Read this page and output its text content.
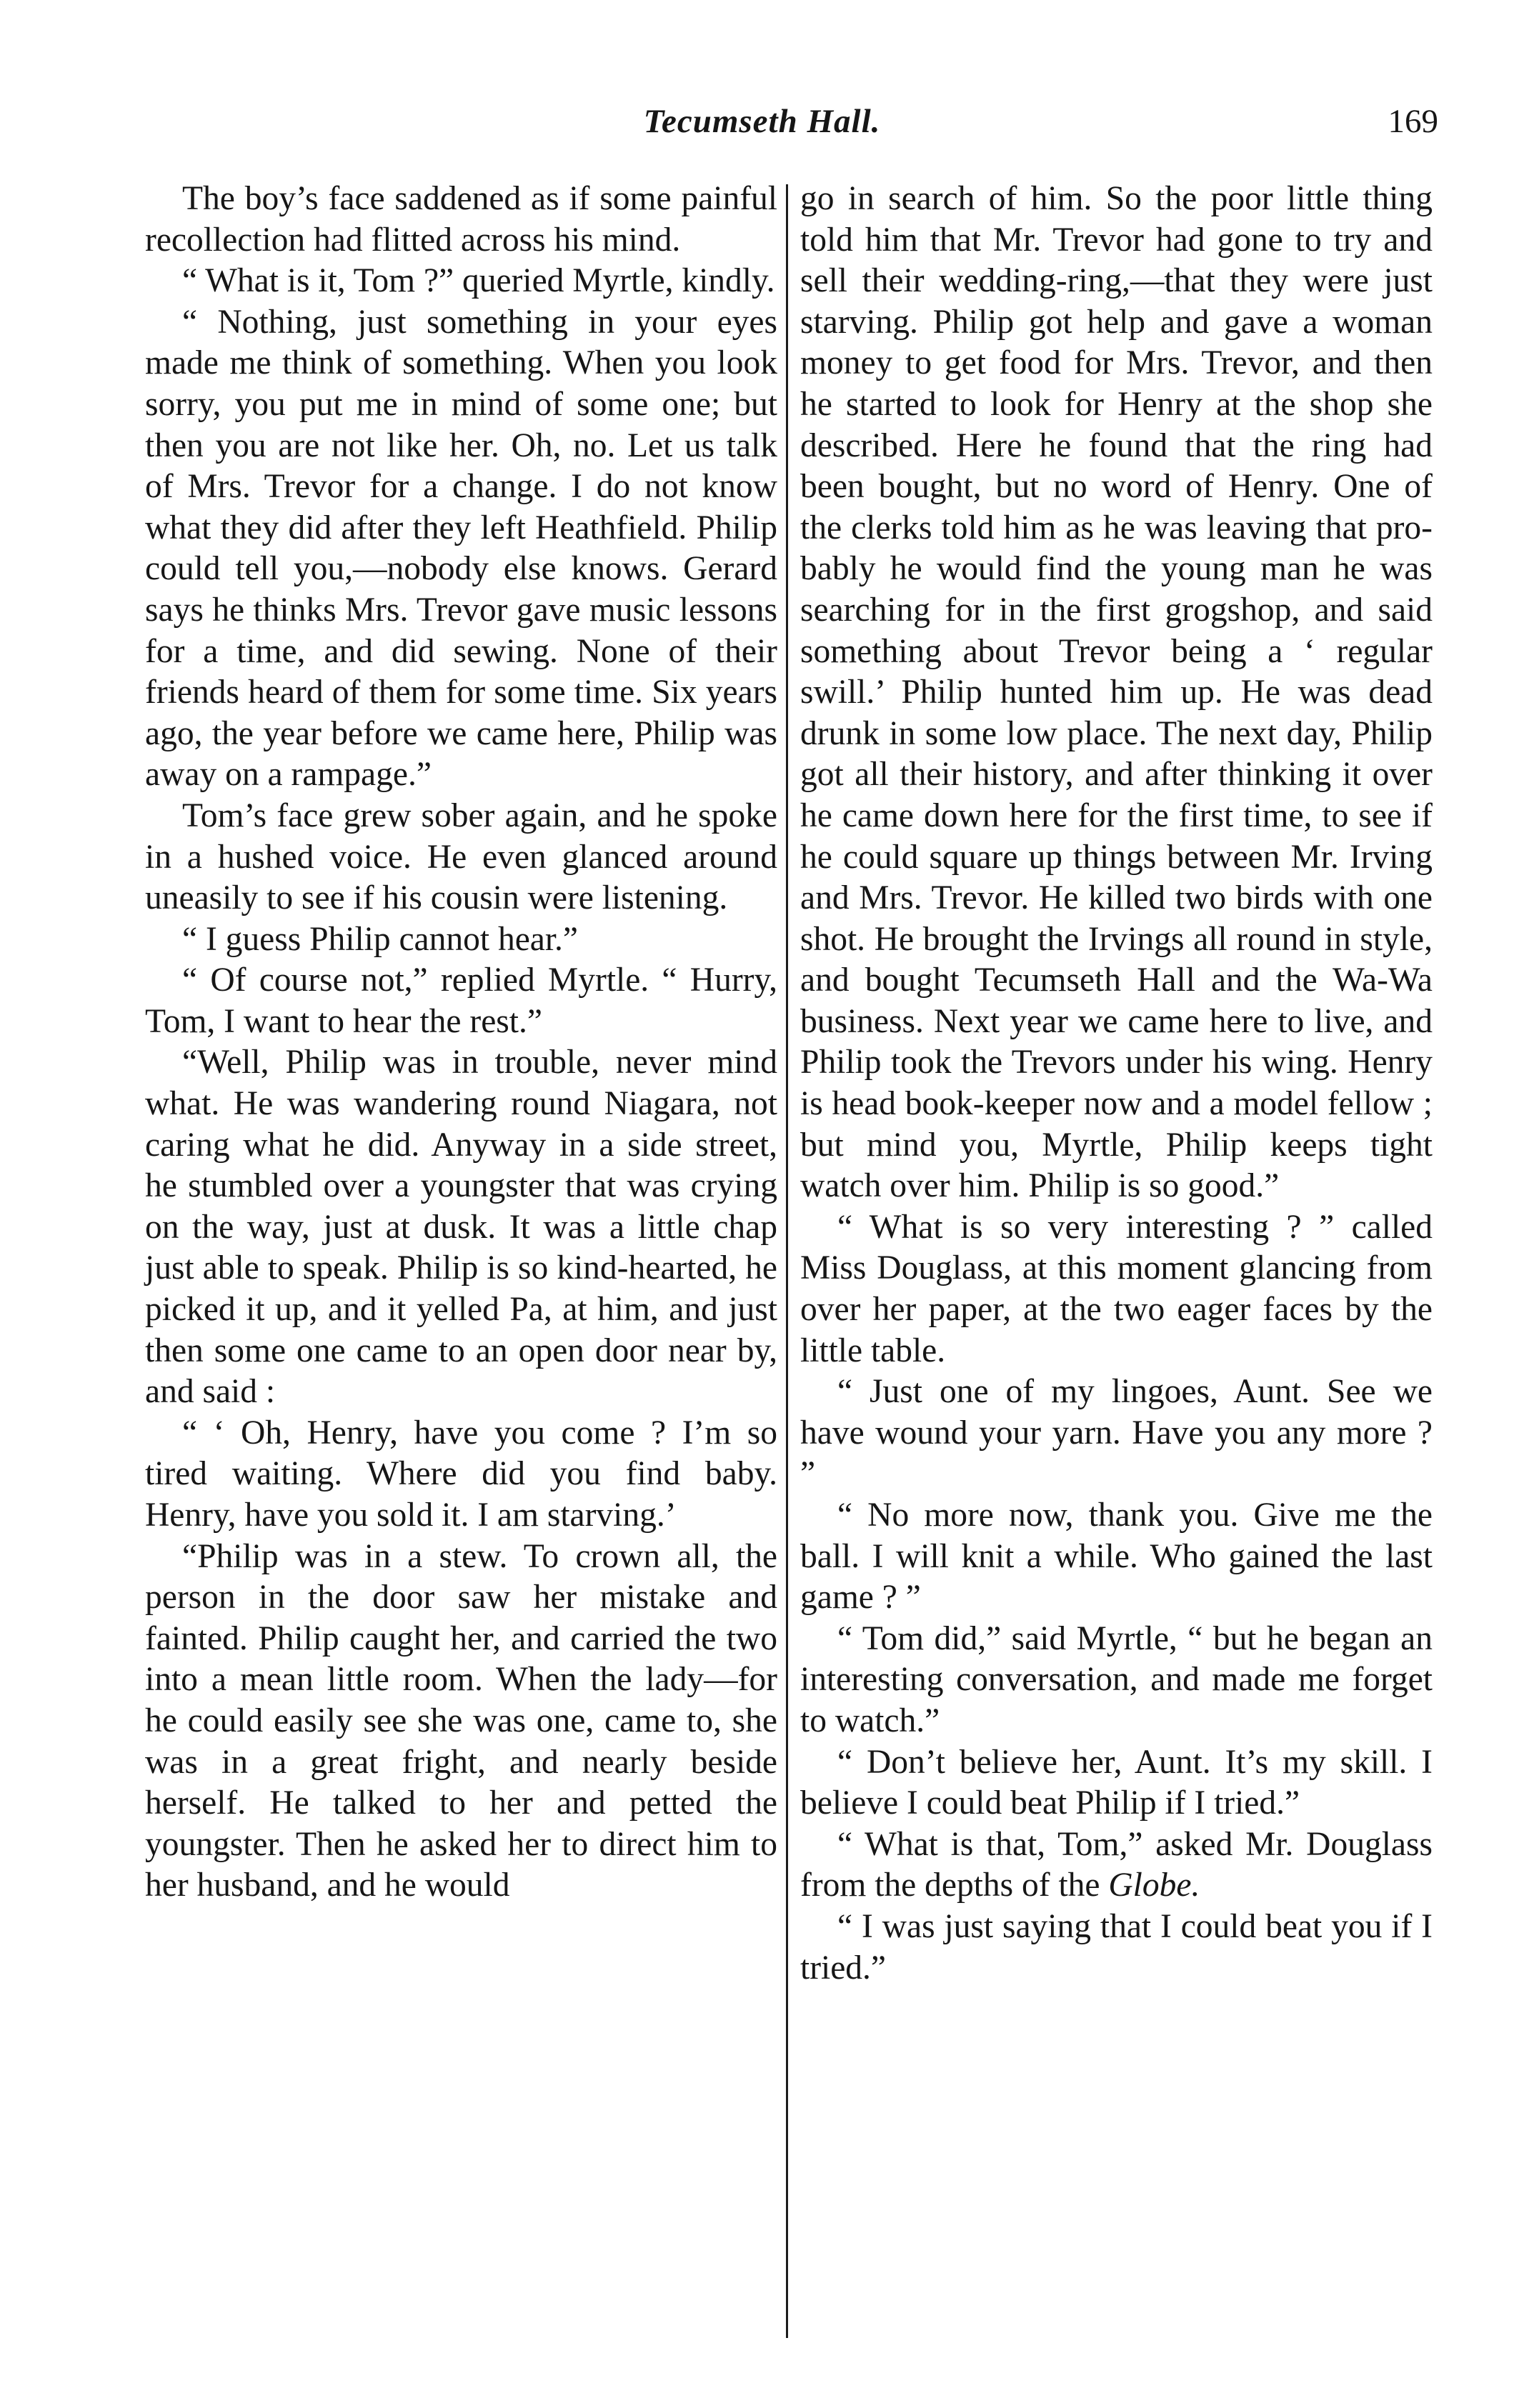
Tecumseth Hall.	169

The boy’s face saddened as if some painful recollection had flitted across his mind.

“ What is it, Tom ?” queried Myrtle, kindly.

“ Nothing, just something in your eyes made me think of something. When you look sorry, you put me in mind of some one; but then you are not like her. Oh, no. Let us talk of Mrs. Trevor for a change. I do not know what they did after they left Heathfield. Philip could tell you,—nobody else knows. Gerard says he thinks Mrs. Trevor gave music lessons for a time, and did sewing. None of their friends heard of them for some time. Six years ago, the year before we came here, Philip was away on a rampage.”

Tom’s face grew sober again, and he spoke in a hushed voice. He even glanced around uneasily to see if his cousin were listening.

“ I guess Philip cannot hear.”

“ Of course not,” replied Myrtle. “ Hurry, Tom, I want to hear the rest.”

“Well, Philip was in trouble, never mind what. He was wandering round Niagara, not caring what he did. Anyway in a side street, he stumbled over a youngster that was crying on the way, just at dusk. It was a little chap just able to speak. Philip is so kind-hearted, he picked it up, and it yelled Pa, at him, and just then some one came to an open door near by, and said :

“ ‘ Oh, Henry, have you come ? I’m so tired waiting. Where did you find baby. Henry, have you sold it. I am starving.’

“Philip was in a stew. To crown all, the person in the door saw her mistake and fainted. Philip caught her, and carried the two into a mean little room. When the lady—for he could easily see she was one, came to, she was in a great fright, and nearly beside herself. He talked to her and petted the youngster. Then he asked her to direct him to her husband, and he would

go in search of him. So the poor little thing told him that Mr. Trevor had gone to try and sell their wedding-ring,—that they were just starving. Philip got help and gave a woman money to get food for Mrs. Trevor, and then he started to look for Henry at the shop she described. Here he found that the ring had been bought, but no word of Henry. One of the clerks told him as he was leaving that probably he would find the young man he was searching for in the first grogshop, and said something about Trevor being a ‘ regular swill.’ Philip hunted him up. He was dead drunk in some low place. The next day, Philip got all their history, and after thinking it over he came down here for the first time, to see if he could square up things between Mr. Irving and Mrs. Trevor. He killed two birds with one shot. He brought the Irvings all round in style, and bought Tecumseth Hall and the Wa-Wa business. Next year we came here to live, and Philip took the Trevors under his wing. Henry is head book-keeper now and a model fellow ; but mind you, Myrtle, Philip keeps tight watch over him. Philip is so good.”

“ What is so very interesting ? ” called Miss Douglass, at this moment glancing from over her paper, at the two eager faces by the little table.

“ Just one of my lingoes, Aunt. See we have wound your yarn. Have you any more ? ”

“ No more now, thank you. Give me the ball. I will knit a while. Who gained the last game ? ”

“ Tom did,” said Myrtle, “ but he began an interesting conversation, and made me forget to watch.”

“ Don’t believe her, Aunt. It’s my skill. I believe I could beat Philip if I tried.”

“ What is that, Tom,” asked Mr. Douglass from the depths of the Globe.

“ I was just saying that I could beat you if I tried.”
